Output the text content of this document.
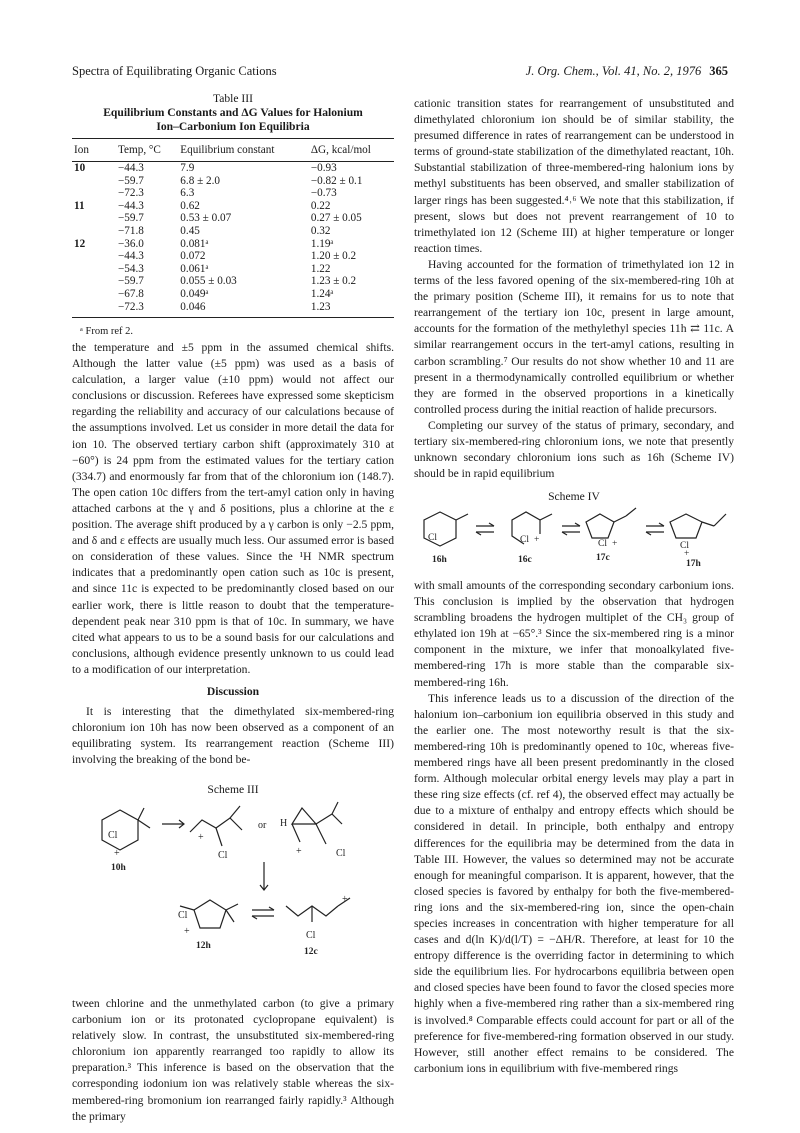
Spectra of Equilibrating Organic Cations	J. Org. Chem., Vol. 41, No. 2, 1976 365
Table III
Equilibrium Constants and ΔG Values for Halonium
Ion–Carbonium Ion Equilibria
Ion	Temp, °C	Equilibrium constant	ΔG, kcal/mol
10	−44.3	7.9	−0.93
	−59.7	6.8 ± 2.0	−0.82 ± 0.1
	−72.3	6.3	−0.73
11	−44.3	0.62	0.22
	−59.7	0.53 ± 0.07	0.27 ± 0.05
	−71.8	0.45	0.32
12	−36.0	0.081ᵃ	1.19ᵃ
	−44.3	0.072	1.20 ± 0.2
	−54.3	0.061ᵃ	1.22
	−59.7	0.055 ± 0.03	1.23 ± 0.2
	−67.8	0.049ᵃ	1.24ᵃ
	−72.3	0.046	1.23
ᵃ From ref 2.

the temperature and ±5 ppm in the assumed chemical shifts. Although the latter value (±5 ppm) was used as a basis of calculation, a larger value (±10 ppm) would not affect our conclusions or discussion. Referees have expressed some skepticism regarding the reliability and accuracy of our calculations because of the assumptions involved. Let us consider in more detail the data for ion 10. The observed tertiary carbon shift (approximately 310 at −60°) is 24 ppm from the estimated values for the tertiary cation (334.7) and enormously far from that of the chloronium ion (148.7). The open cation 10c differs from the tert-amyl cation only in having attached carbons at the γ and δ positions, plus a chlorine at the ε position. The average shift produced by a γ carbon is only −2.5 ppm, and δ and ε effects are usually much less. Our assumed error is based on consideration of these values. Since the ¹H NMR spectrum indicates that a predominantly open cation such as 10c is present, and since 11c is expected to be predominantly closed based on our earlier work, there is little reason to doubt that the temperature-dependent peak near 310 ppm is that of 10c. In summary, we have cited what appears to us to be a sound basis for our calculations and conclusions, although evidence presently unknown to us could lead to a modification of our interpretation.

Discussion

It is interesting that the dimethylated six-membered-ring chloronium ion 10h has now been observed as a component of an equilibrating system. Its rearrangement reaction (Scheme III) involving the breaking of the bond be-

Scheme III
Cl
+
10h
Cl
+
or H
+	Cl
Cl
+
12h
Cl
+
12c

tween chlorine and the unmethylated carbon (to give a primary carbonium ion or its protonated cyclopropane equivalent) is relatively slow. In contrast, the unsubstituted six-membered-ring chloronium ion apparently rearranged too rapidly to allow its preparation.³ This inference is based on the observation that the corresponding iodonium ion was relatively stable whereas the six-membered-ring bromonium ion rearranged fairly rapidly.³ Although the primary

cationic transition states for rearrangement of unsubstituted and dimethylated chloronium ion should be of similar stability, the presumed difference in rates of rearrangement can be understood in terms of ground-state stabilization of the dimethylated reactant, 10h. Substantial stabilization of three-membered-ring halonium ions by methyl substituents has been observed, and smaller stabilization of larger rings has been suggested.⁴˒⁶ We note that this stabilization, if present, slows but does not prevent rearrangement of 10 to trimethylated ion 12 (Scheme III) at higher temperature or longer reaction times.

Having accounted for the formation of trimethylated ion 12 in terms of the less favored opening of the six-membered-ring 10h at the primary position (Scheme III), it remains for us to note that rearrangement of the tertiary ion 10c, present in large amount, accounts for the formation of the methylethyl species 11h ⇄ 11c. A similar rearrangement occurs in the tert-amyl cations, resulting in carbon scrambling.⁷ Our results do not show whether 10 and 11 are present in a thermodynamically controlled equilibrium or whether they are formed in the observed proportions in a kinetically controlled process during the initial reaction of halide precursors.

Completing our survey of the status of primary, secondary, and tertiary six-membered-ring chloronium ions, we note that presently unknown secondary chloronium ions such as 16h (Scheme IV) should be in rapid equilibrium

Scheme IV
Cl
16h
Cl +
16c
Cl +
17c
Cl
+
17h

with small amounts of the corresponding secondary carbonium ions. This conclusion is implied by the observation that hydrogen scrambling broadens the hydrogen multiplet of the CH₃ group of ethylated ion 19h at −65°.³ Since the six-membered ring is a minor component in the mixture, we infer that monoalkylated five-membered-ring 17h is more stable than the comparable six-membered-ring 16h.

This inference leads us to a discussion of the direction of the halonium ion–carbonium ion equilibria observed in this study and the earlier one. The most noteworthy result is that the six-membered-ring 10h is predominantly opened to 10c, whereas five-membered rings have all been present predominantly in the closed form. Although molecular orbital energy levels may play a part in these ring size effects (cf. ref 4), the observed effect may actually be due to a mixture of enthalpy and entropy effects which should be considered in detail. In principle, both enthalpy and entropy differences for the equilibria may be determined from the data in Table III. However, the values so determined may not be accurate enough for meaningful comparison. It is apparent, however, that the closed species is favored by enthalpy for both the five-membered-ring ions and the six-membered-ring ion, since the open-chain species increases in concentration with higher temperature for all cases and d(ln K)/d(l/T) = −ΔH/R. Therefore, at least for 10 the entropy difference is the overriding factor in determining to which side the equilibrium lies. For hydrocarbons equilibria between open and closed species have been found to favor the closed species more highly when a five-membered ring rather than a six-membered ring is involved.⁸ Comparable effects could account for part or all of the preference for five-membered-ring formation observed in our study. However, still another effect remains to be considered. The carbonium ions in equilibrium with five-membered rings
